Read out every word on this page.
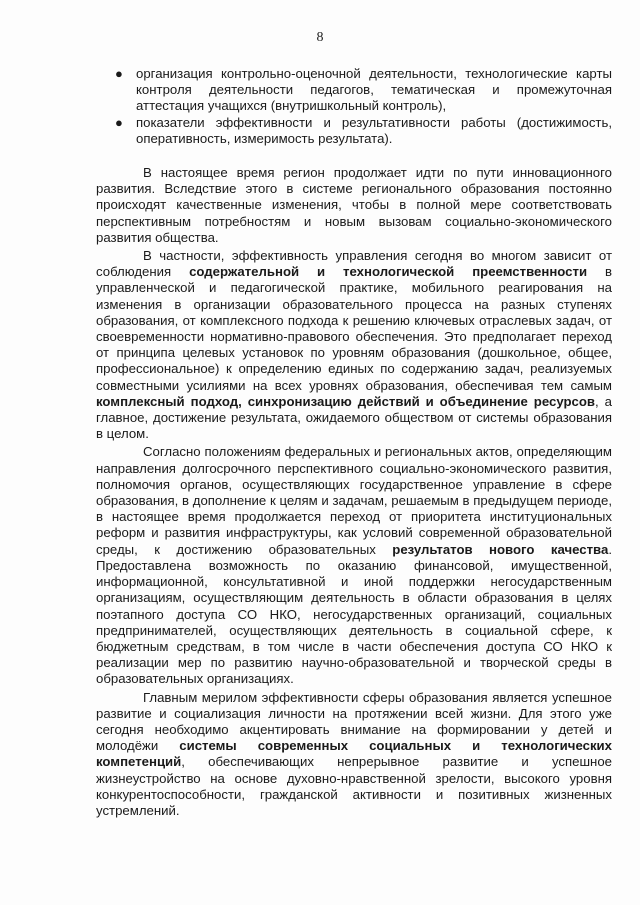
8
● организация контрольно-оценочной деятельности, технологические карты контроля деятельности педагогов, тематическая и промежуточная аттестация учащихся (внутришкольный контроль),
● показатели эффективности и результативности работы (достижимость, оперативность, измеримость результата).

В настоящее время регион продолжает идти по пути инновационного развития. Вследствие этого в системе регионального образования постоянно происходят качественные изменения, чтобы в полной мере соответствовать перспективным потребностям и новым вызовам социально-экономического развития общества.

В частности, эффективность управления сегодня во многом зависит от соблюдения содержательной и технологической преемственности в управленческой и педагогической практике, мобильного реагирования на изменения в организации образовательного процесса на разных ступенях образования, от комплексного подхода к решению ключевых отраслевых задач, от своевременности нормативно-правового обеспечения. Это предполагает переход от принципа целевых установок по уровням образования (дошкольное, общее, профессиональное) к определению единых по содержанию задач, реализуемых совместными усилиями на всех уровнях образования, обеспечивая тем самым комплексный подход, синхронизацию действий и объединение ресурсов, а главное, достижение результата, ожидаемого обществом от системы образования в целом.

Согласно положениям федеральных и региональных актов, определяющим направления долгосрочного перспективного социально-экономического развития, полномочия органов, осуществляющих государственное управление в сфере образования, в дополнение к целям и задачам, решаемым в предыдущем периоде, в настоящее время продолжается переход от приоритета институциональных реформ и развития инфраструктуры, как условий современной образовательной среды, к достижению образовательных результатов нового качества. Предоставлена возможность по оказанию финансовой, имущественной, информационной, консультативной и иной поддержки негосударственным организациям, осуществляющим деятельность в области образования в целях поэтапного доступа СО НКО, негосударственных организаций, социальных предпринимателей, осуществляющих деятельность в социальной сфере, к бюджетным средствам, в том числе в части обеспечения доступа СО НКО к реализации мер по развитию научно-образовательной и творческой среды в образовательных организациях.

Главным мерилом эффективности сферы образования является успешное развитие и социализация личности на протяжении всей жизни. Для этого уже сегодня необходимо акцентировать внимание на формировании у детей и молодёжи системы современных социальных и технологических компетенций, обеспечивающих непрерывное развитие и успешное жизнеустройство на основе духовно-нравственной зрелости, высокого уровня конкурентоспособности, гражданской активности и позитивных жизненных устремлений.
